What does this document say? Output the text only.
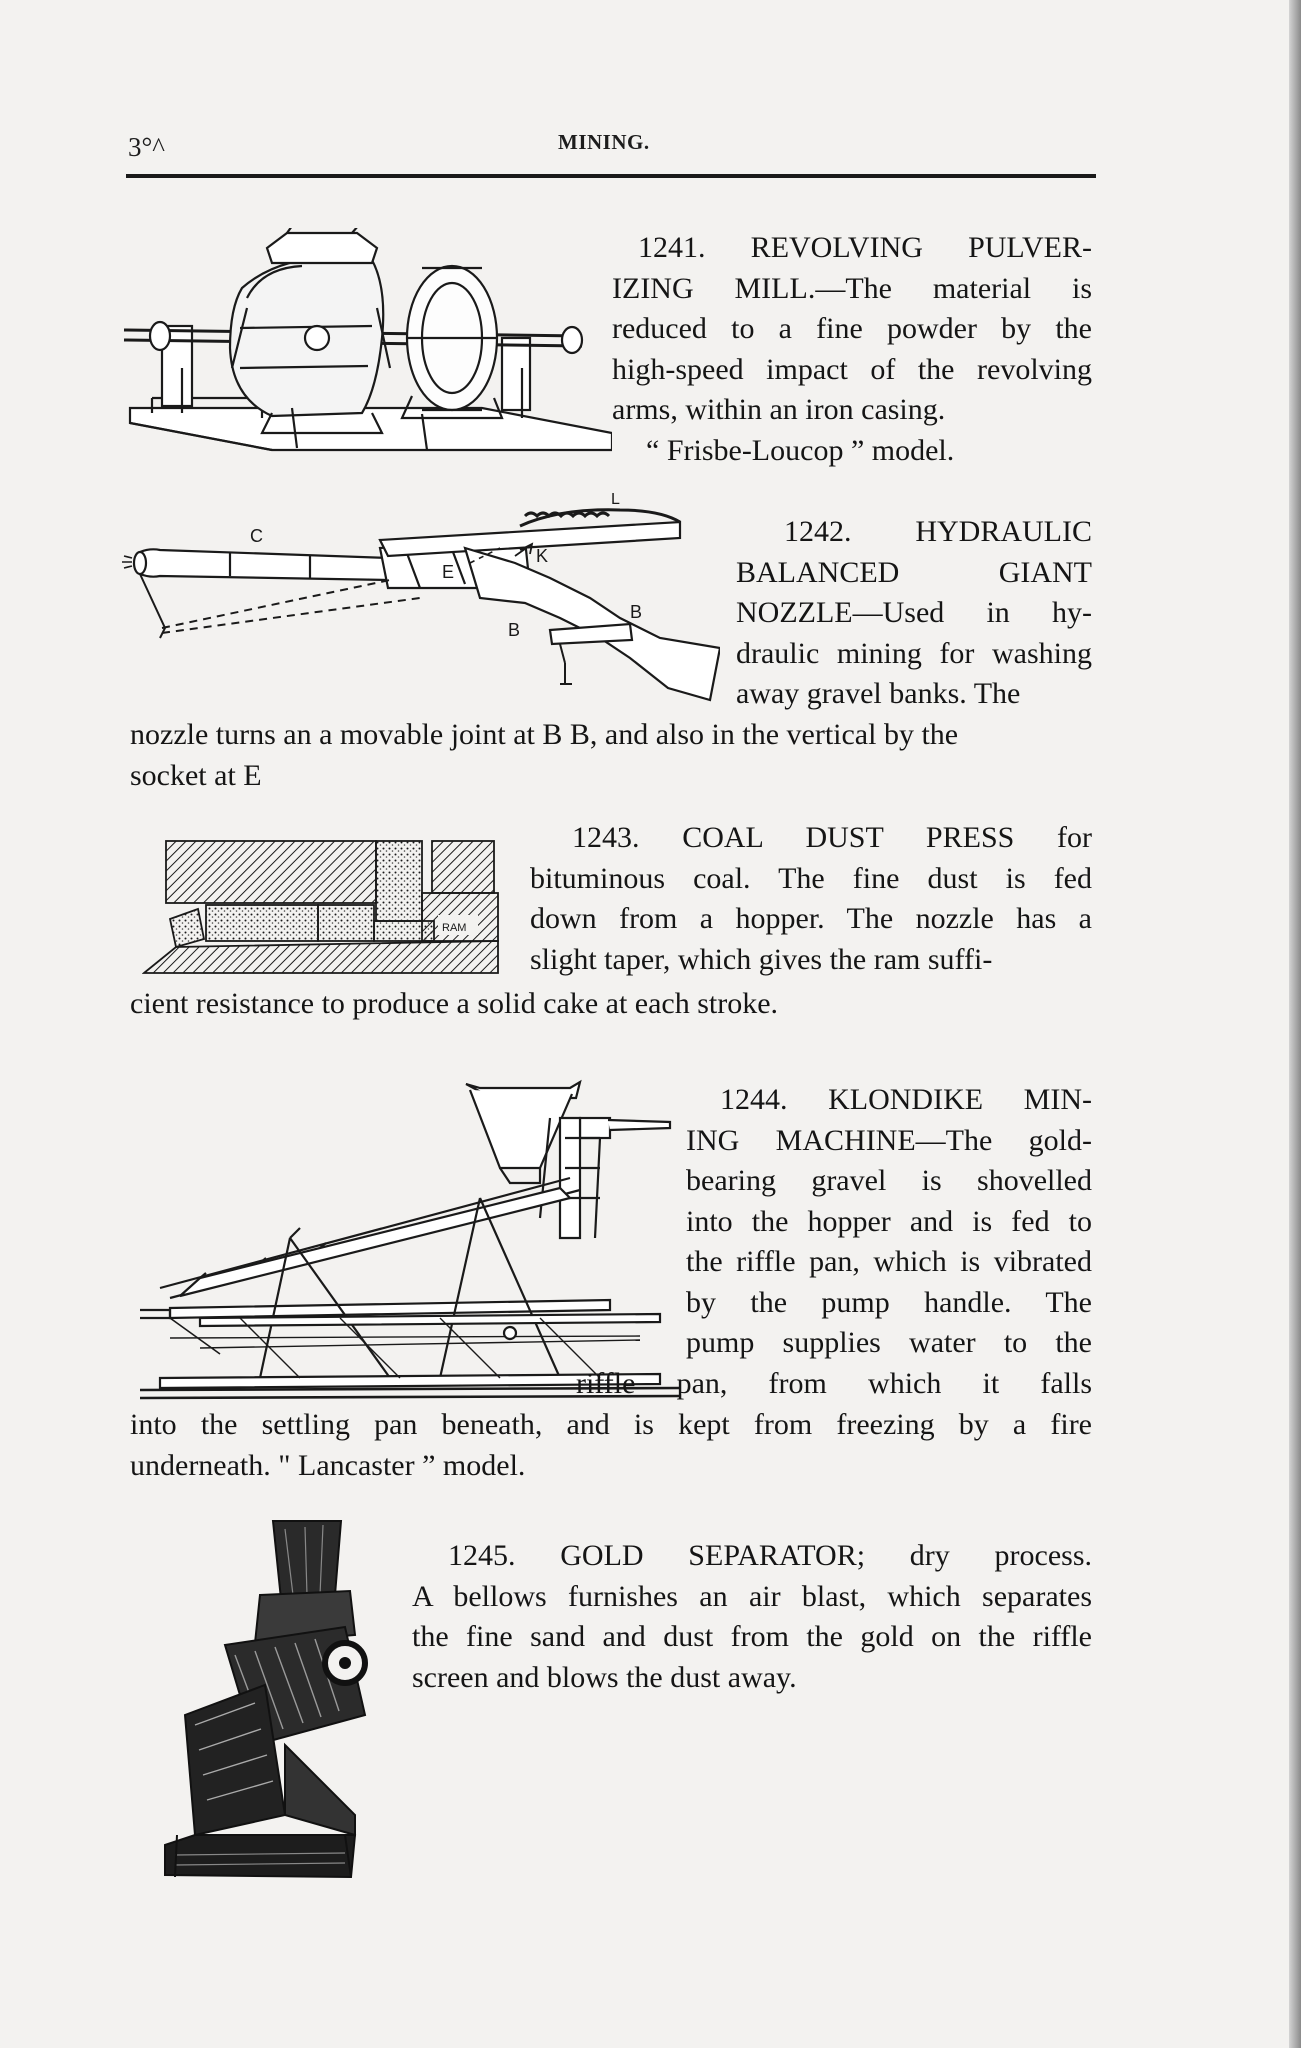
3°^	MINING.

1241. REVOLVING PULVER-

IZING MILL.—The material is

reduced to a fine powder by the

high-speed impact of the revolving

arms, within an iron casing.

“ Frisbe-Loucop ” model.

C
E
K
B
B
L

1242. HYDRAULIC

BALANCED GIANT

NOZZLE—Used in hy-

draulic mining for washing

away gravel banks. The

nozzle turns an a movable joint at B B, and also in the vertical by the

socket at E

RAM

1243. COAL DUST PRESS for

bituminous coal. The fine dust is fed

down from a hopper. The nozzle has a

slight taper, which gives the ram suffi-

cient resistance to produce a solid cake at each stroke.

1244. KLONDIKE MIN-

ING MACHINE—The gold-

bearing gravel is shovelled

into the hopper and is fed to

the riffle pan, which is vibrated

by the pump handle. The

pump supplies water to the

riffle pan, from which it falls

into the settling pan beneath, and is kept from freezing by a fire

underneath. " Lancaster ” model.

1245. GOLD SEPARATOR; dry process.

A bellows furnishes an air blast, which separates

the fine sand and dust from the gold on the riffle

screen and blows the dust away.
